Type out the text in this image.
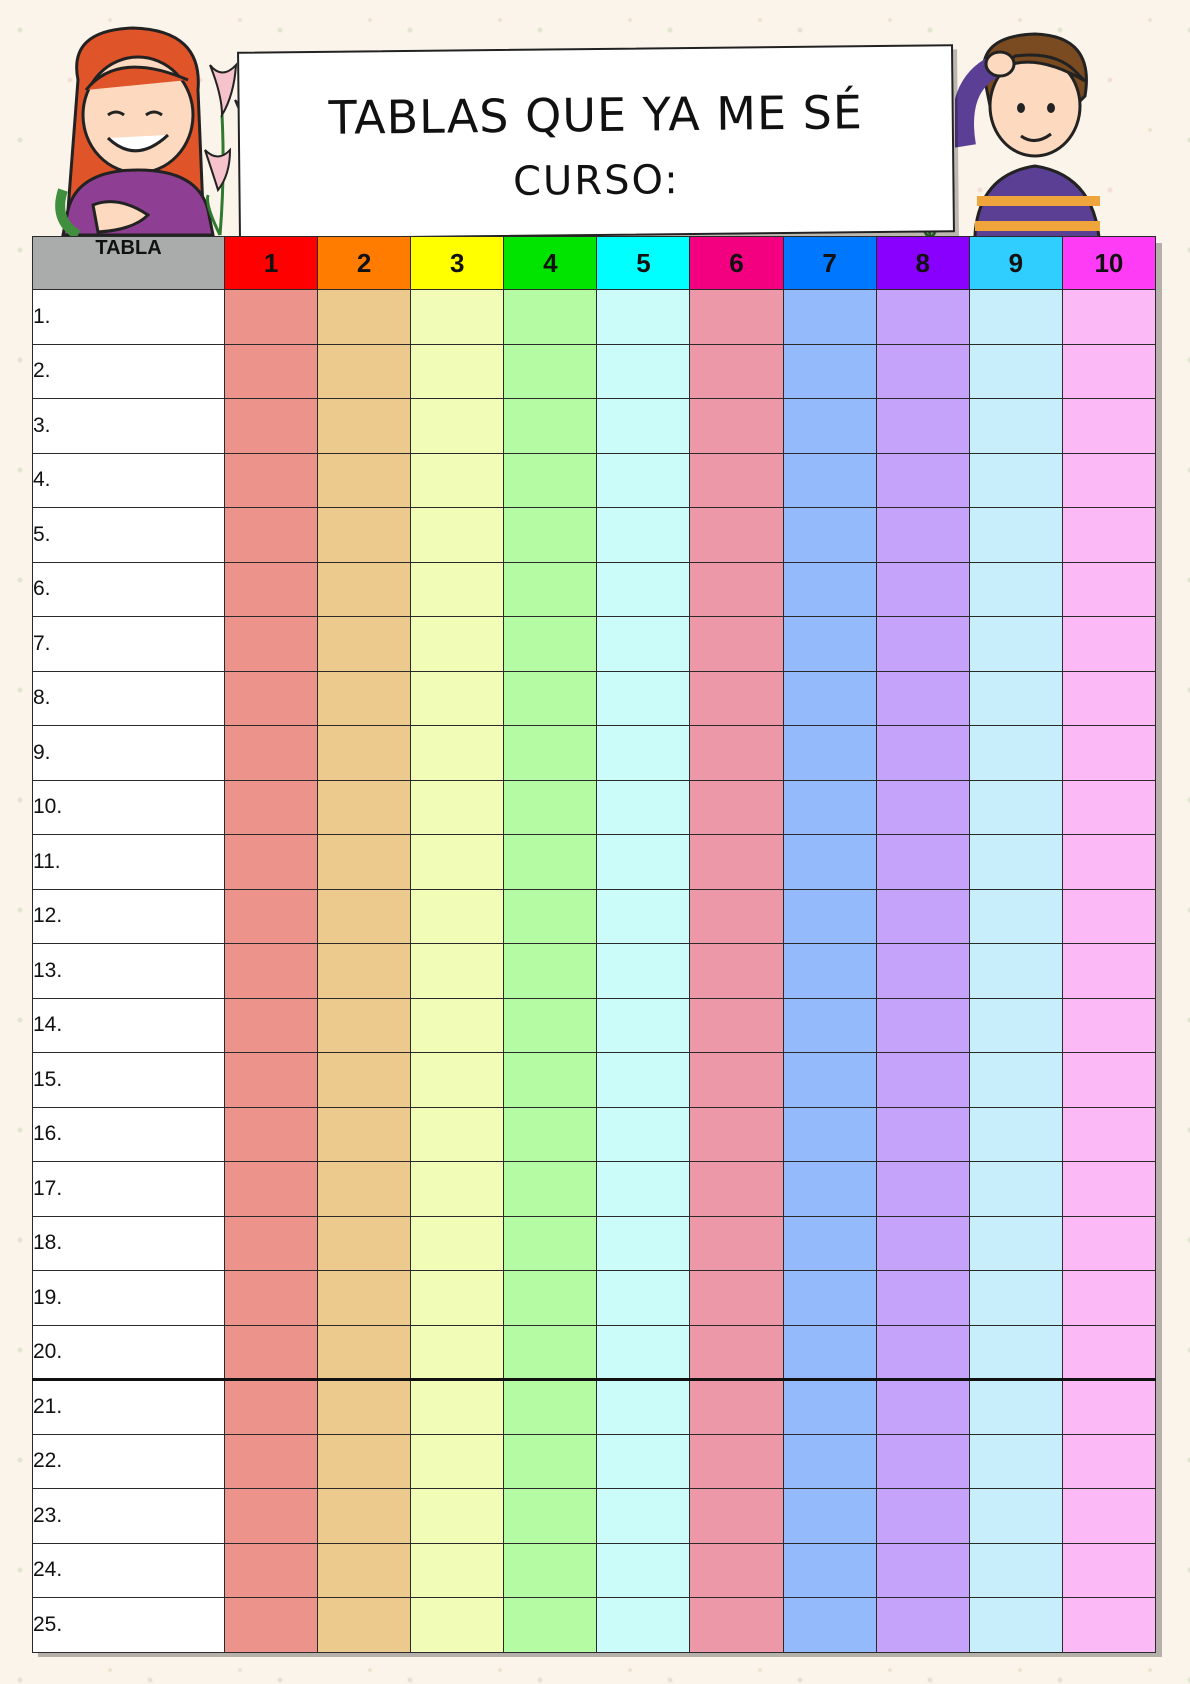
TABLAS QUE YA ME SÉ
CURSO:
TABLA	1	2	3	4	5	6	7	8	9	10
1.										
2.										
3.										
4.										
5.										
6.										
7.										
8.										
9.										
10.										
11.										
12.										
13.										
14.										
15.										
16.										
17.										
18.										
19.										
20.										
21.										
22.										
23.										
24.										
25.										
